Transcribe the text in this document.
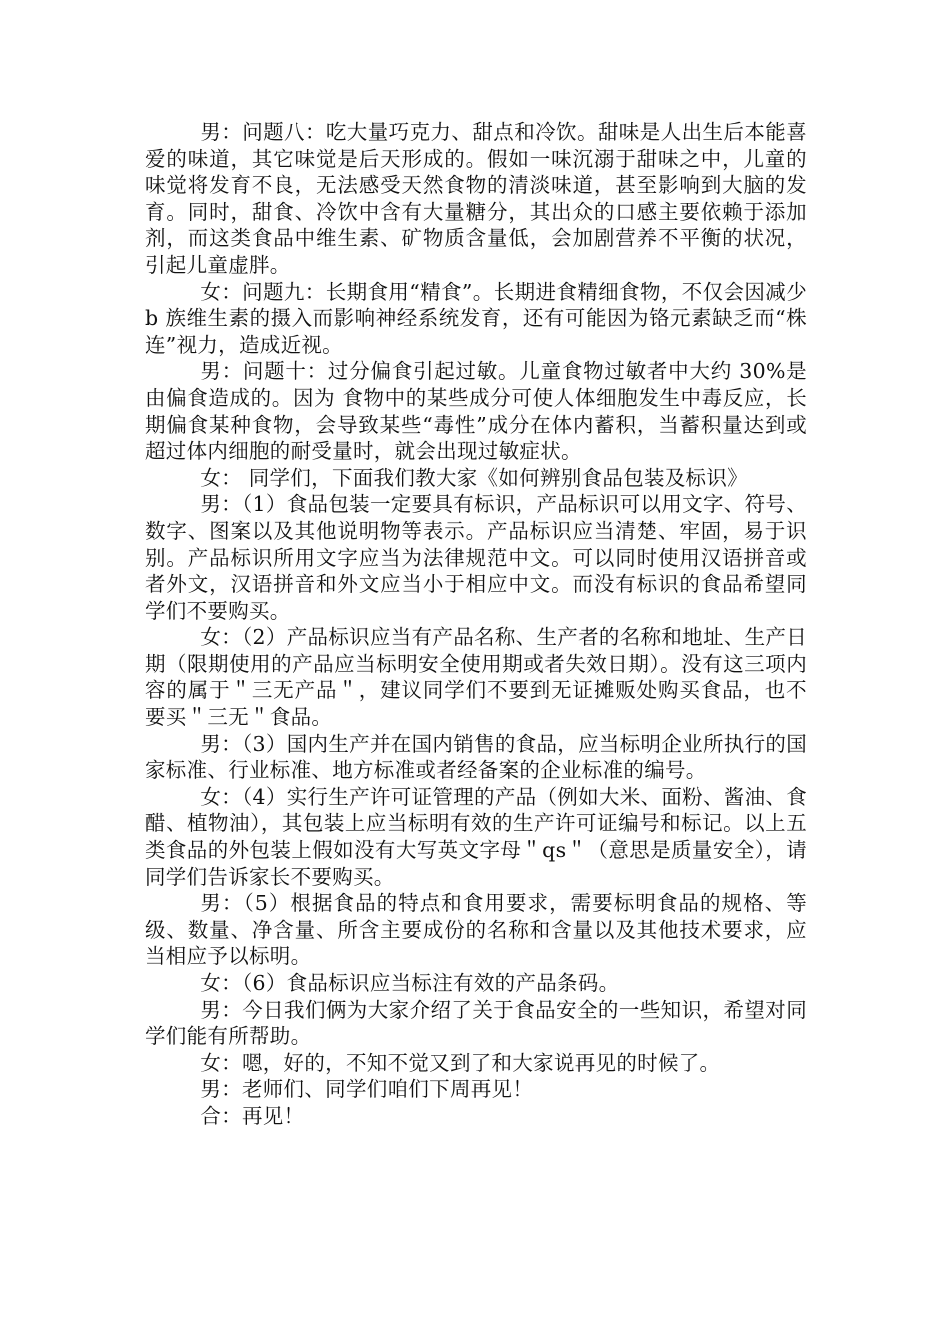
男：问题八：吃大量巧克力、甜点和冷饮。甜味是人出生后本能喜爱的味道，其它味觉是后天形成的。假如一味沉溺于甜味之中，儿童的味觉将发育不良，无法感受天然食物的清淡味道，甚至影响到大脑的发育。同时，甜食、冷饮中含有大量糖分，其出众的口感主要依赖于添加剂，而这类食品中维生素、矿物质含量低，会加剧营养不平衡的状况，引起儿童虚胖。

女：问题九：长期食用“精食”。长期进食精细食物，不仅会因减少 b 族维生素的摄入而影响神经系统发育，还有可能因为铬元素缺乏而“株连”视力，造成近视。

男：问题十：过分偏食引起过敏。儿童食物过敏者中大约 30%是由偏食造成的。因为 食物中的某些成分可使人体细胞发生中毒反应，长期偏食某种食物，会导致某些“毒性”成分在体内蓄积，当蓄积量达到或超过体内细胞的耐受量时，就会出现过敏症状。

女： 同学们，下面我们教大家《如何辨别食品包装及标识》

男：（1）食品包装一定要具有标识，产品标识可以用文字、符号、数字、图案以及其他说明物等表示。产品标识应当清楚、牢固，易于识别。产品标识所用文字应当为法律规范中文。可以同时使用汉语拼音或者外文，汉语拼音和外文应当小于相应中文。而没有标识的食品希望同学们不要购买。

女：（2）产品标识应当有产品名称、生产者的名称和地址、生产日期（限期使用的产品应当标明安全使用期或者失效日期）。没有这三项内容的属于＂三无产品＂，建议同学们不要到无证摊贩处购买食品，也不要买＂三无＂食品。

男：（3）国内生产并在国内销售的食品，应当标明企业所执行的国家标准、行业标准、地方标准或者经备案的企业标准的编号。

女：（4）实行生产许可证管理的产品（例如大米、面粉、酱油、食醋、植物油），其包装上应当标明有效的生产许可证编号和标记。以上五类食品的外包装上假如没有大写英文字母＂qs＂（意思是质量安全），请同学们告诉家长不要购买。

男：（5）根据食品的特点和食用要求，需要标明食品的规格、等级、数量、净含量、所含主要成份的名称和含量以及其他技术要求，应当相应予以标明。

女：（6）食品标识应当标注有效的产品条码。

男：今日我们俩为大家介绍了关于食品安全的一些知识，希望对同学们能有所帮助。

女：嗯，好的，不知不觉又到了和大家说再见的时候了。

男：老师们、同学们咱们下周再见！

合：再见！
